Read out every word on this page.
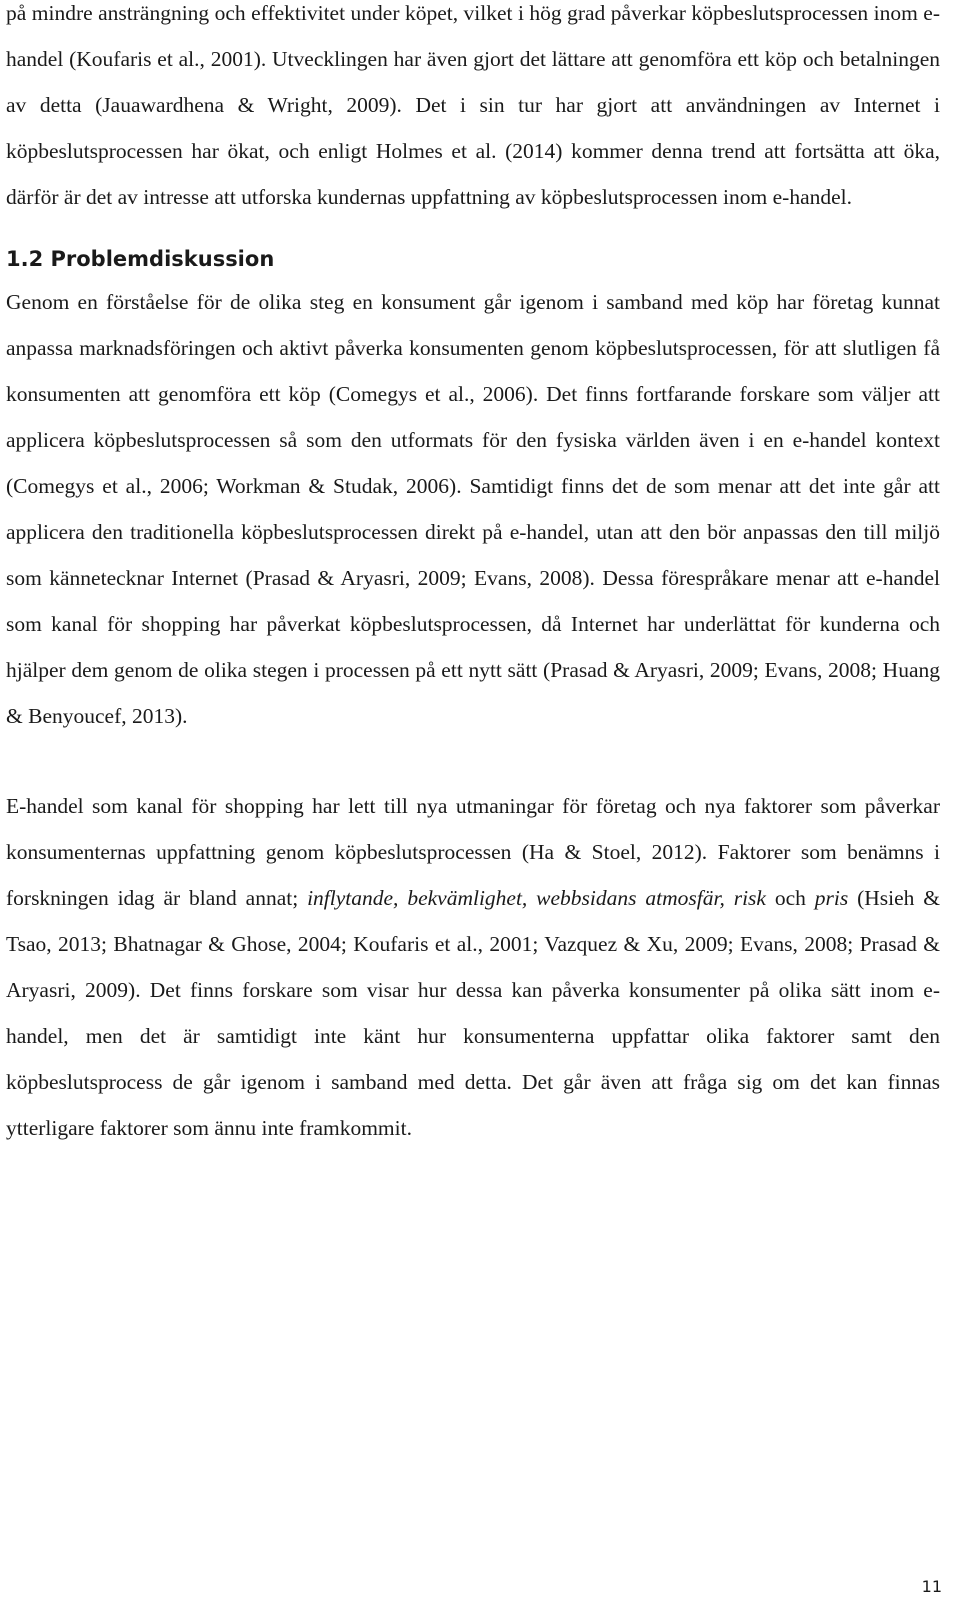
på mindre ansträngning och effektivitet under köpet, vilket i hög grad påverkar köpbeslutsprocessen inom e-handel (Koufaris et al., 2001). Utvecklingen har även gjort det lättare att genomföra ett köp och betalningen av detta (Jauawardhena & Wright, 2009). Det i sin tur har gjort att användningen av Internet i köpbeslutsprocessen har ökat, och enligt Holmes et al. (2014) kommer denna trend att fortsätta att öka, därför är det av intresse att utforska kundernas uppfattning av köpbeslutsprocessen inom e-handel.

1.2 Problemdiskussion

Genom en förståelse för de olika steg en konsument går igenom i samband med köp har företag kunnat anpassa marknadsföringen och aktivt påverka konsumenten genom köpbeslutsprocessen, för att slutligen få konsumenten att genomföra ett köp (Comegys et al., 2006). Det finns fortfarande forskare som väljer att applicera köpbeslutsprocessen så som den utformats för den fysiska världen även i en e-handel kontext (Comegys et al., 2006; Workman & Studak, 2006). Samtidigt finns det de som menar att det inte går att applicera den traditionella köpbeslutsprocessen direkt på e-handel, utan att den bör anpassas den till miljö som kännetecknar Internet (Prasad & Aryasri, 2009; Evans, 2008). Dessa förespråkare menar att e-handel som kanal för shopping har påverkat köpbeslutsprocessen, då Internet har underlättat för kunderna och hjälper dem genom de olika stegen i processen på ett nytt sätt (Prasad & Aryasri, 2009; Evans, 2008; Huang & Benyoucef, 2013).

E-handel som kanal för shopping har lett till nya utmaningar för företag och nya faktorer som påverkar konsumenternas uppfattning genom köpbeslutsprocessen (Ha & Stoel, 2012). Faktorer som benämns i forskningen idag är bland annat; inflytande, bekvämlighet, webbsidans atmosfär, risk och pris (Hsieh & Tsao, 2013; Bhatnagar & Ghose, 2004; Koufaris et al., 2001; Vazquez & Xu, 2009; Evans, 2008; Prasad & Aryasri, 2009). Det finns forskare som visar hur dessa kan påverka konsumenter på olika sätt inom e-handel, men det är samtidigt inte känt hur konsumenterna uppfattar olika faktorer samt den köpbeslutsprocess de går igenom i samband med detta. Det går även att fråga sig om det kan finnas ytterligare faktorer som ännu inte framkommit.

11
